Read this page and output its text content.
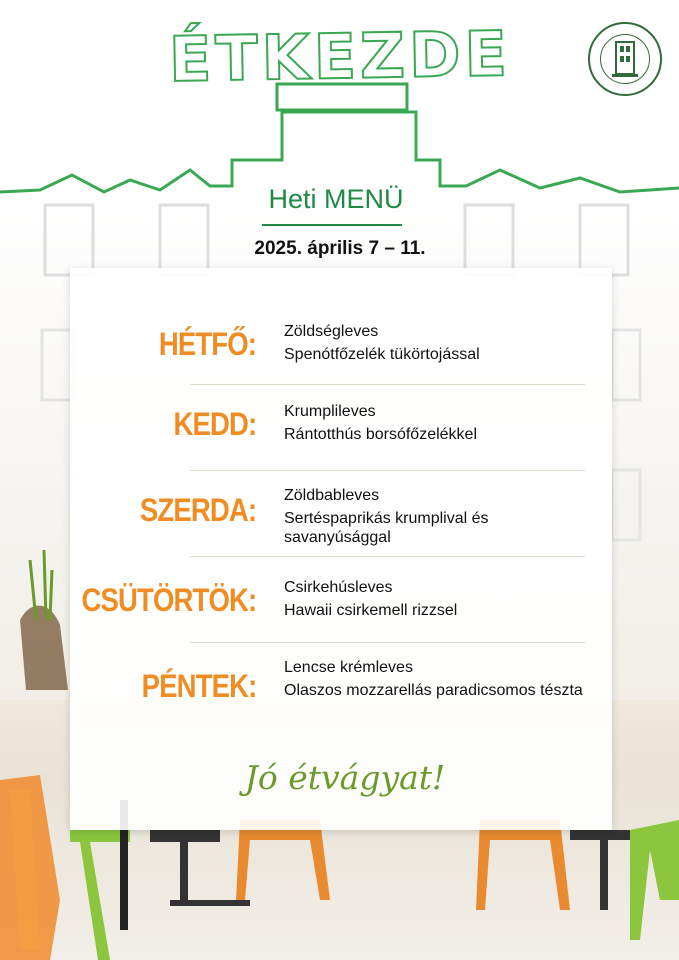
ÉTKEZDE
Heti MENÜ
2025. április 7 – 11.
HÉTFŐ: Zöldségleves
Spenótfőzelék tükörtojással
KEDD: Krumplileves
Rántotthús borsófőzelékkel
SZERDA: Zöldbableves
Sertéspaprikás krumplival és savanyúsággal
CSÜTÖRTÖK: Csirkehúsleves
Hawaii csirkemell rizzsel
PÉNTEK:
Lencse krémleves
Olaszos mozzarellás paradicsomos tészta
Jó étvágyat!
